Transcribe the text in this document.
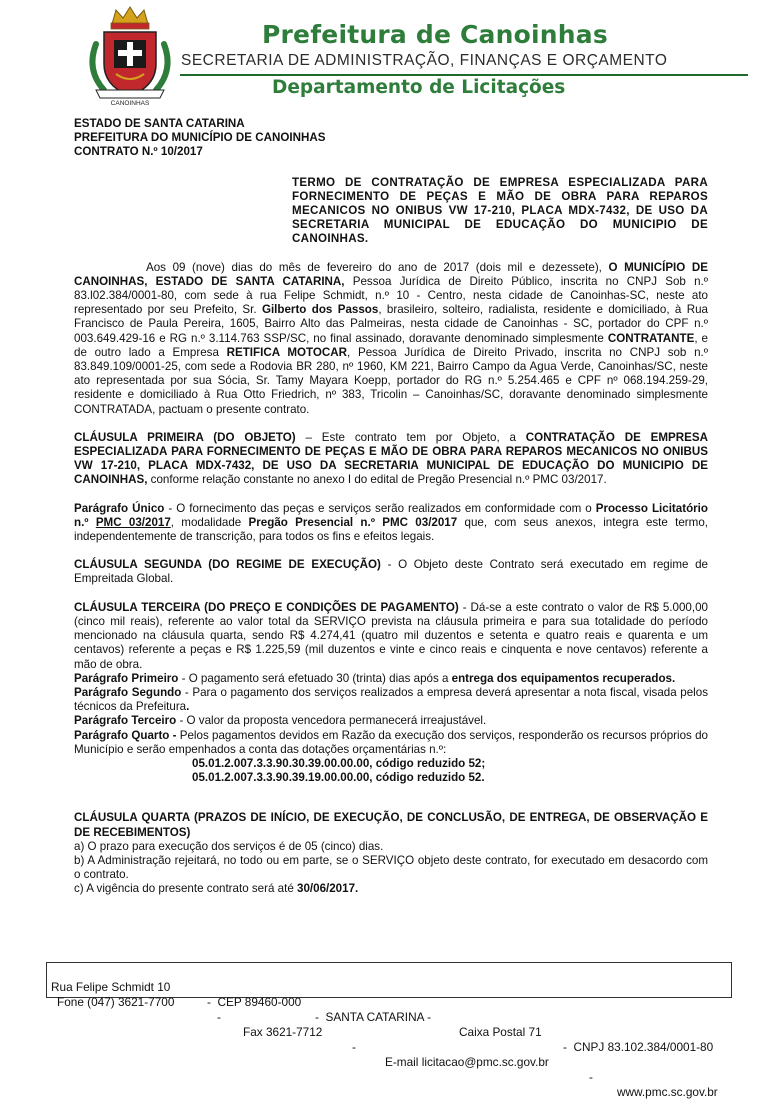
CANOINHAS
Prefeitura de Canoinhas
SECRETARIA DE ADMINISTRAÇÃO, FINANÇAS E ORÇAMENTO
Departamento de Licitações

ESTADO DE SANTA CATARINA

PREFEITURA DO MUNICÍPIO DE CANOINHAS

CONTRATO N.º 10/2017

TERMO DE CONTRATAÇÃO DE EMPRESA ESPECIALIZADA PARA FORNECIMENTO DE PEÇAS E MÃO DE OBRA PARA REPAROS MECANICOS NO ONIBUS VW 17-210, PLACA MDX-7432, DE USO DA SECRETARIA MUNICIPAL DE EDUCAÇÃO DO MUNICIPIO DE CANOINHAS.

Aos 09 (nove) dias do mês de fevereiro do ano de 2017 (dois mil e dezessete), O MUNICÍPIO DE CANOINHAS, ESTADO DE SANTA CATARINA, Pessoa Jurídica de Direito Público, inscrita no CNPJ Sob n.º 83.l02.384/0001-80, com sede à rua Felipe Schmidt, n.º 10 - Centro, nesta cidade de Canoinhas-SC, neste ato representado por seu Prefeito, Sr. Gilberto dos Passos, brasileiro, solteiro, radialista, residente e domiciliado, à Rua Francisco de Paula Pereira, 1605, Bairro Alto das Palmeiras, nesta cidade de Canoinhas - SC, portador do CPF n.º 003.649.429-16 e RG n.º 3.114.763 SSP/SC, no final assinado, doravante denominado simplesmente CONTRATANTE, e de outro lado a Empresa RETIFICA MOTOCAR, Pessoa Jurídica de Direito Privado, inscrita no CNPJ sob n.º 83.849.109/0001-25, com sede a Rodovia BR 280, nº 1960, KM 221, Bairro Campo da Agua Verde, Canoinhas/SC, neste ato representada por sua Sócia, Sr. Tamy Mayara Koepp, portador do RG n.º 5.254.465 e CPF nº 068.194.259-29, residente e domiciliado à Rua Otto Friedrich, nº 383, Tricolin – Canoinhas/SC, doravante denominado simplesmente CONTRATADA, pactuam o presente contrato.

CLÁUSULA PRIMEIRA (DO OBJETO) – Este contrato tem por Objeto, a CONTRATAÇÃO DE EMPRESA ESPECIALIZADA PARA FORNECIMENTO DE PEÇAS E MÃO DE OBRA PARA REPAROS MECANICOS NO ONIBUS VW 17-210, PLACA MDX-7432, DE USO DA SECRETARIA MUNICIPAL DE EDUCAÇÃO DO MUNICIPIO DE CANOINHAS, conforme relação constante no anexo I do edital de Pregão Presencial n.º PMC 03/2017.

Parágrafo Único - O fornecimento das peças e serviços serão realizados em conformidade com o Processo Licitatório n.º PMC 03/2017, modalidade Pregão Presencial n.º PMC 03/2017 que, com seus anexos, integra este termo, independentemente de transcrição, para todos os fins e efeitos legais.

CLÁUSULA SEGUNDA (DO REGIME DE EXECUÇÃO) - O Objeto deste Contrato será executado em regime de Empreitada Global.

CLÁUSULA TERCEIRA (DO PREÇO E CONDIÇÕES DE PAGAMENTO) - Dá-se a este contrato o valor de R$ 5.000,00 (cinco mil reais), referente ao valor total da SERVIÇO prevista na cláusula primeira e para sua totalidade do período mencionado na cláusula quarta, sendo R$ 4.274,41 (quatro mil duzentos e setenta e quatro reais e quarenta e um centavos) referente a peças e R$ 1.225,59 (mil duzentos e vinte e cinco reais e cinquenta e nove centavos) referente a mão de obra.

Parágrafo Primeiro - O pagamento será efetuado 30 (trinta) dias após a entrega dos equipamentos recuperados.

Parágrafo Segundo - Para o pagamento dos serviços realizados a empresa deverá apresentar a nota fiscal, visada pelos técnicos da Prefeitura.

Parágrafo Terceiro - O valor da proposta vencedora permanecerá irreajustável.

Parágrafo Quarto - Pelos pagamentos devidos em Razão da execução dos serviços, responderão os recursos próprios do Município e serão empenhados a conta das dotações orçamentárias n.º:

05.01.2.007.3.3.90.30.39.00.00.00, código reduzido 52;

05.01.2.007.3.3.90.39.19.00.00.00, código reduzido 52.

CLÁUSULA QUARTA (PRAZOS DE INÍCIO, DE EXECUÇÃO, DE CONCLUSÃO, DE ENTREGA, DE OBSERVAÇÃO E DE RECEBIMENTOS)

a) O prazo para execução dos serviços é de 05 (cinco) dias.

b) A Administração rejeitará, no todo ou em parte, se o SERVIÇO objeto deste contrato, for executado em desacordo com o contrato.

c) A vigência do presente contrato será até 30/06/2017.

Rua Felipe Schmidt 10

-  CEP 89460-000

-  SANTA CATARINA -

Caixa Postal 71

-  CNPJ 83.102.384/0001-80

Fone (047) 3621-7700

-

Fax 3621-7712

-

E-mail licitacao@pmc.sc.gov.br

-

www.pmc.sc.gov.br
